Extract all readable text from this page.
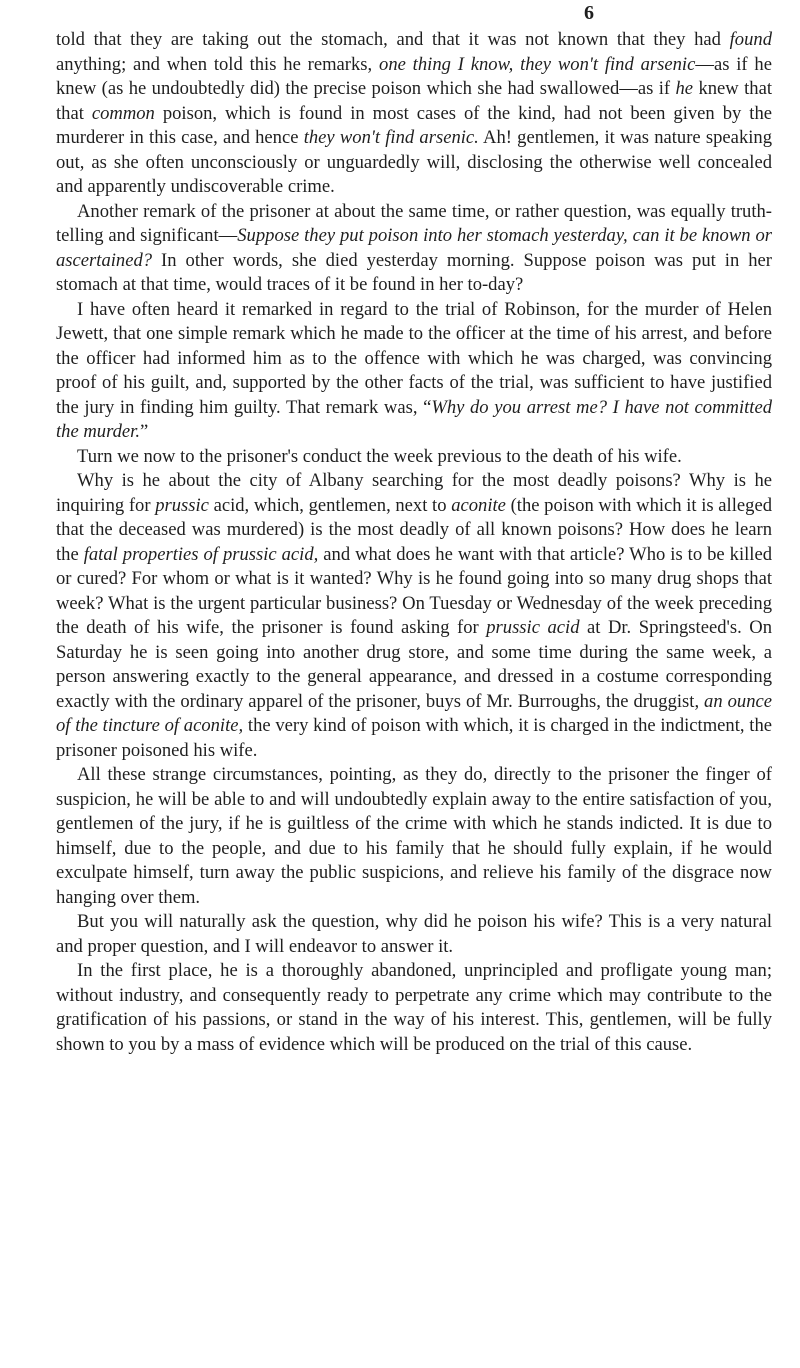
6

told that they are taking out the stomach, and that it was not known that they had found anything; and when told this he remarks, one thing I know, they won't find arsenic—as if he knew (as he undoubtedly did) the precise poison which she had swallowed—as if he knew that that common poison, which is found in most cases of the kind, had not been given by the murderer in this case, and hence they won't find arsenic. Ah! gentlemen, it was nature speaking out, as she often unconsciously or unguardedly will, disclosing the otherwise well concealed and apparently undiscoverable crime.

Another remark of the prisoner at about the same time, or rather question, was equally truth-telling and significant—Suppose they put poison into her stomach yesterday, can it be known or ascertained? In other words, she died yesterday morning. Suppose poison was put in her stomach at that time, would traces of it be found in her to-day?

I have often heard it remarked in regard to the trial of Robinson, for the murder of Helen Jewett, that one simple remark which he made to the officer at the time of his arrest, and before the officer had informed him as to the offence with which he was charged, was convincing proof of his guilt, and, supported by the other facts of the trial, was sufficient to have justified the jury in finding him guilty. That remark was, “Why do you arrest me? I have not committed the murder.”

Turn we now to the prisoner's conduct the week previous to the death of his wife.

Why is he about the city of Albany searching for the most deadly poisons? Why is he inquiring for prussic acid, which, gentlemen, next to aconite (the poison with which it is alleged that the deceased was murdered) is the most deadly of all known poisons? How does he learn the fatal properties of prussic acid, and what does he want with that article? Who is to be killed or cured? For whom or what is it wanted? Why is he found going into so many drug shops that week? What is the urgent particular business? On Tuesday or Wednesday of the week preceding the death of his wife, the prisoner is found asking for prussic acid at Dr. Springsteed's. On Saturday he is seen going into another drug store, and some time during the same week, a person answering exactly to the general appearance, and dressed in a costume corresponding exactly with the ordinary apparel of the prisoner, buys of Mr. Burroughs, the druggist, an ounce of the tincture of aconite, the very kind of poison with which, it is charged in the indictment, the prisoner poisoned his wife.

All these strange circumstances, pointing, as they do, directly to the prisoner the finger of suspicion, he will be able to and will undoubtedly explain away to the entire satisfaction of you, gentlemen of the jury, if he is guiltless of the crime with which he stands indicted. It is due to himself, due to the people, and due to his family that he should fully explain, if he would exculpate himself, turn away the public suspicions, and relieve his family of the disgrace now hanging over them.

But you will naturally ask the question, why did he poison his wife? This is a very natural and proper question, and I will endeavor to answer it.

In the first place, he is a thoroughly abandoned, unprincipled and profligate young man; without industry, and consequently ready to perpetrate any crime which may contribute to the gratification of his passions, or stand in the way of his interest. This, gentlemen, will be fully shown to you by a mass of evidence which will be produced on the trial of this cause.
